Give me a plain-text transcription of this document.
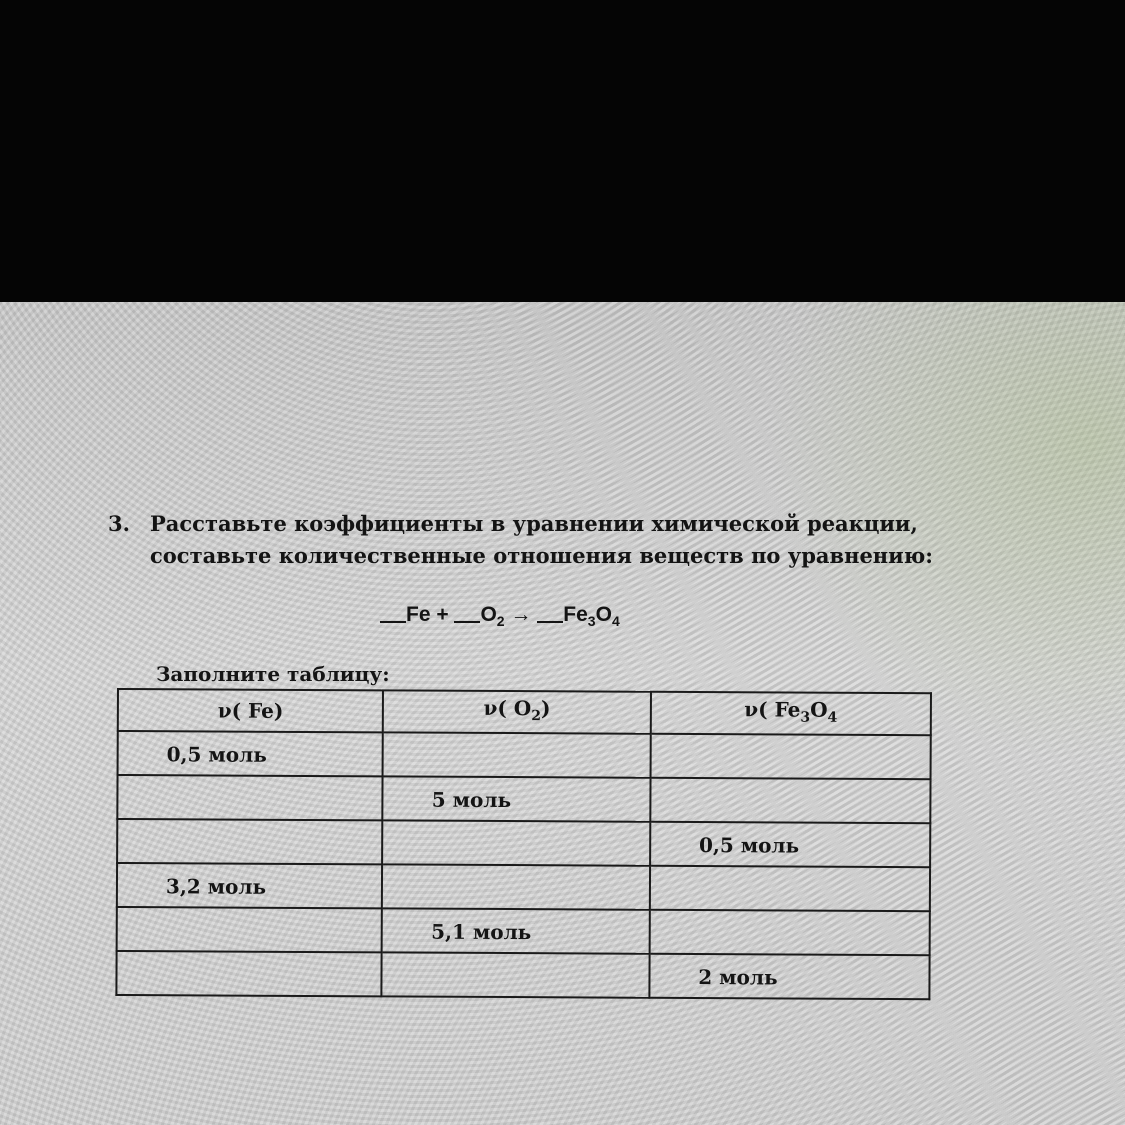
3. Расставьте коэффициенты в уравнении химической реакции, составьте количественные отношения веществ по уравнению:
$Fe + O_2 \to Fe_3O_4$
Заполните таблицу:
ν( Fe)	ν( $O_2$)	ν( $Fe_3O_4$

0,5 моль		

	5 моль	

		0,5 моль

3,2 моль		

	5,1 моль	

		2 моль
